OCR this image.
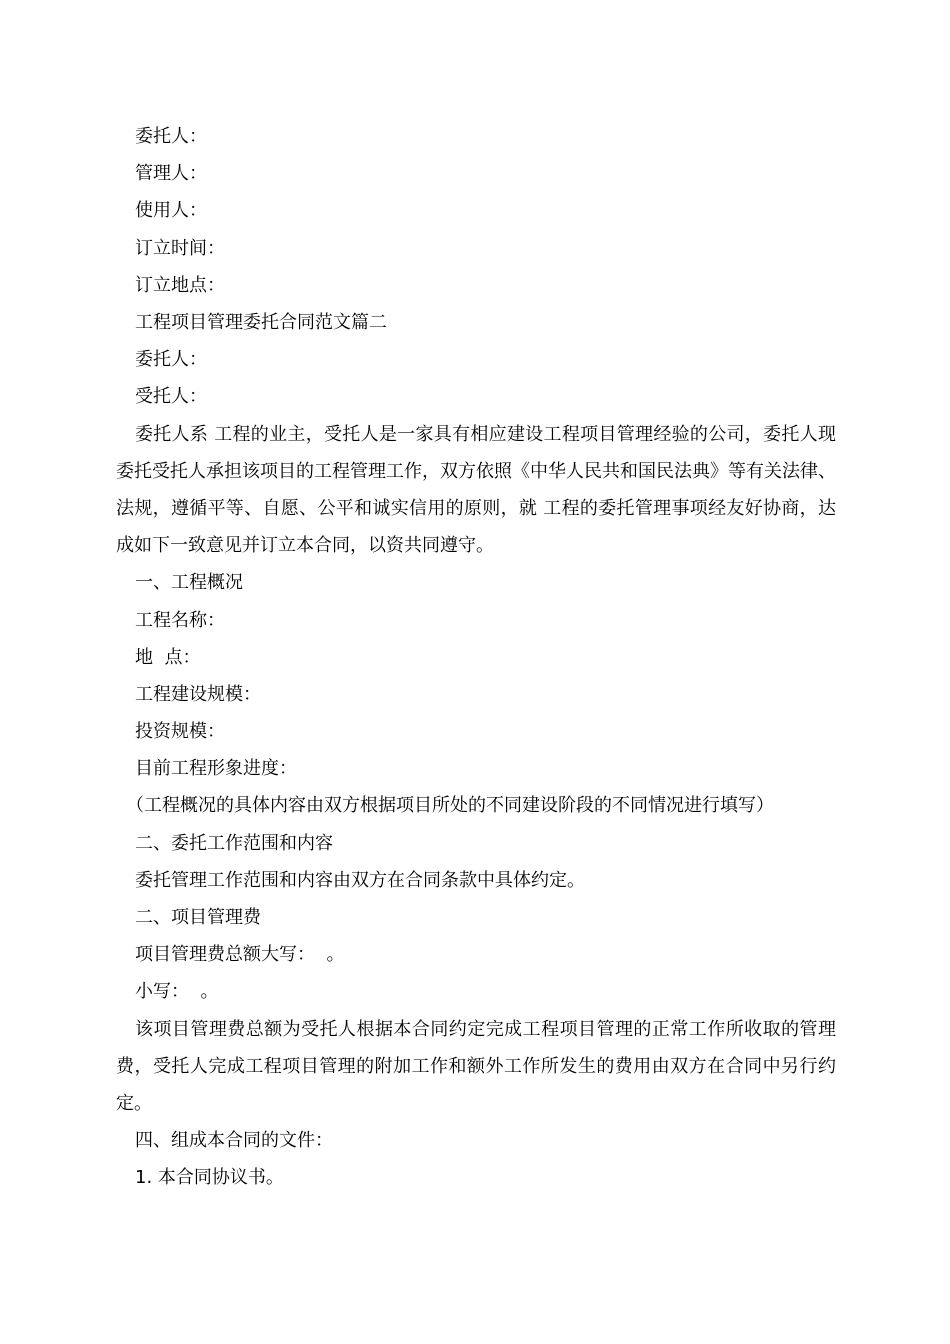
委托人：
管理人：
使用人：
订立时间：
订立地点：
工程项目管理委托合同范文篇二
委托人：
受托人：
委托人系 工程的业主，受托人是一家具有相应建设工程项目管理经验的公司，委托人现委托受托人承担该项目的工程管理工作，双方依照《中华人民共和国民法典》等有关法律、法规，遵循平等、自愿、公平和诚实信用的原则，就 工程的委托管理事项经友好协商，达成如下一致意见并订立本合同，以资共同遵守。
一、工程概况
工程名称：
地  点：
工程建设规模：
投资规模：
目前工程形象进度：
（工程概况的具体内容由双方根据项目所处的不同建设阶段的不同情况进行填写）
二、委托工作范围和内容
委托管理工作范围和内容由双方在合同条款中具体约定。
二、项目管理费
项目管理费总额大写：  。
小写：  。
该项目管理费总额为受托人根据本合同约定完成工程项目管理的正常工作所收取的管理费，受托人完成工程项目管理的附加工作和额外工作所发生的费用由双方在合同中另行约定。
四、组成本合同的文件：
1. 本合同协议书。
